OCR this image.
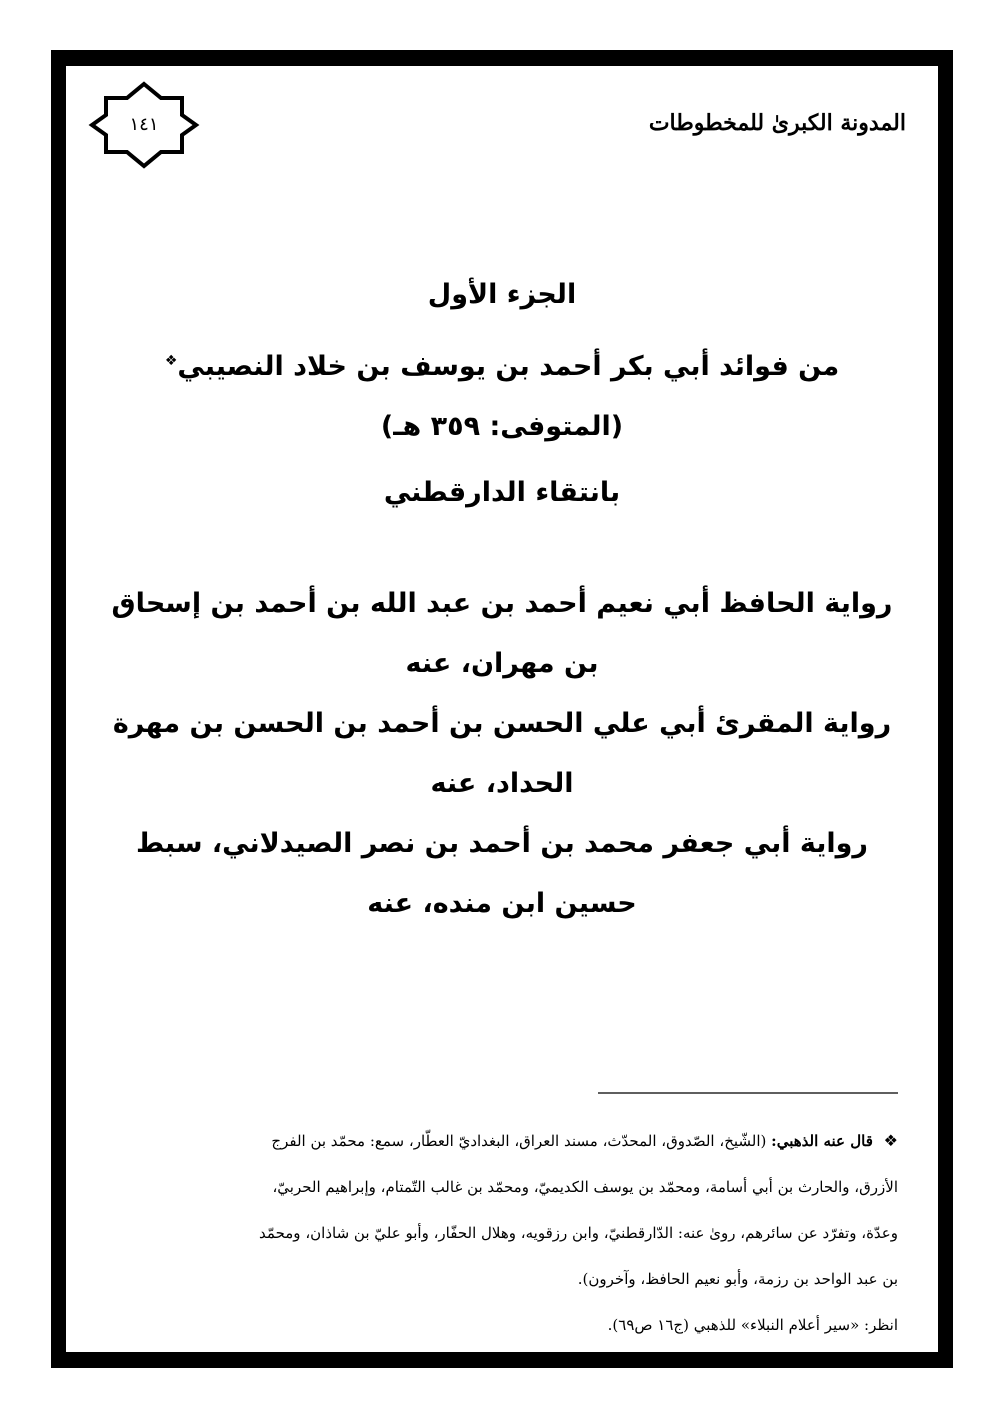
المدونة الكبرىٰ للمخطوطات
١٤١
الجزء الأول
من فوائد أبي بكر أحمد بن يوسف بن خلاد النصيبي❖
(المتوفى: ٣٥٩ هـ)
بانتقاء الدارقطني
رواية الحافظ أبي نعيم أحمد بن عبد الله بن أحمد بن إسحاق
بن مهران، عنه
رواية المقرئ أبي علي الحسن بن أحمد بن الحسن بن مهرة
الحداد، عنه
رواية أبي جعفر محمد بن أحمد بن نصر الصيدلاني، سبط
حسين ابن منده، عنه
❖ قال عنه الذهبي: (الشّيخ، الصّدوق، المحدّث، مسند العراق، البغداديّ العطّار، سمع: محمّد بن الفرج
الأزرق، والحارث بن أبي أسامة، ومحمّد بن يوسف الكديميّ، ومحمّد بن غالب التّمتام، وإبراهيم الحربيّ،
وعدّة، وتفرّد عن سائرهم، روىٰ عنه: الدّارقطنيّ، وابن رزقويه، وهلال الحفّار، وأبو عليّ بن شاذان، ومحمّد
بن عبد الواحد بن رزمة، وأبو نعيم الحافظ، وآخرون).
انظر: «سير أعلام النبلاء» للذهبي (ج١٦ ص٦٩).
